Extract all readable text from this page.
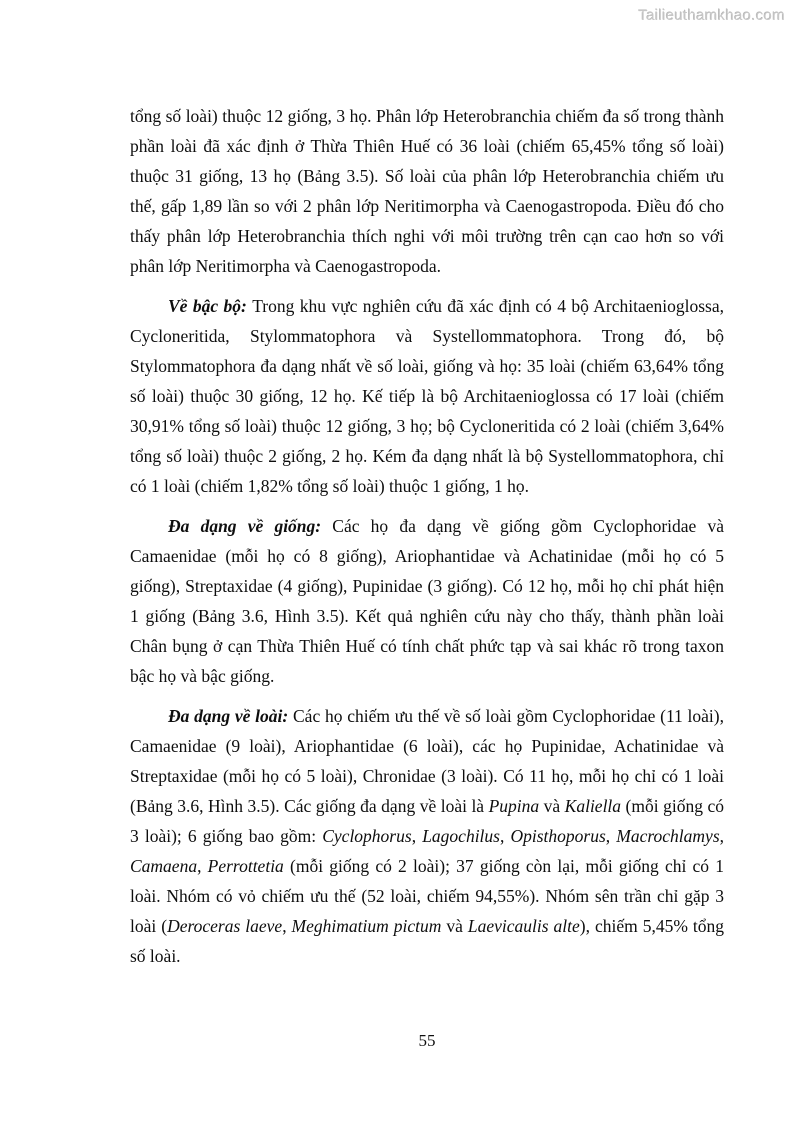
Tailieuthamkhao.com

tổng số loài) thuộc 12 giống, 3 họ. Phân lớp Heterobranchia chiếm đa số trong thành phần loài đã xác định ở Thừa Thiên Huế có 36 loài (chiếm 65,45% tổng số loài) thuộc 31 giống, 13 họ (Bảng 3.5). Số loài của phân lớp Heterobranchia chiếm ưu thế, gấp 1,89 lần so với 2 phân lớp Neritimorpha và Caenogastropoda. Điều đó cho thấy phân lớp Heterobranchia thích nghi với môi trường trên cạn cao hơn so với phân lớp Neritimorpha và Caenogastropoda.

Về bậc bộ: Trong khu vực nghiên cứu đã xác định có 4 bộ Architaenioglossa, Cycloneritida, Stylommatophora và Systellommatophora. Trong đó, bộ Stylommatophora đa dạng nhất về số loài, giống và họ: 35 loài (chiếm 63,64% tổng số loài) thuộc 30 giống, 12 họ. Kế tiếp là bộ Architaenioglossa có 17 loài (chiếm 30,91% tổng số loài) thuộc 12 giống, 3 họ; bộ Cycloneritida có 2 loài (chiếm 3,64% tổng số loài) thuộc 2 giống, 2 họ. Kém đa dạng nhất là bộ Systellommatophora, chỉ có 1 loài (chiếm 1,82% tổng số loài) thuộc 1 giống, 1 họ.

Đa dạng về giống: Các họ đa dạng về giống gồm Cyclophoridae và Camaenidae (mỗi họ có 8 giống), Ariophantidae và Achatinidae (mỗi họ có 5 giống), Streptaxidae (4 giống), Pupinidae (3 giống). Có 12 họ, mỗi họ chỉ phát hiện 1 giống (Bảng 3.6, Hình 3.5). Kết quả nghiên cứu này cho thấy, thành phần loài Chân bụng ở cạn Thừa Thiên Huế có tính chất phức tạp và sai khác rõ trong taxon bậc họ và bậc giống.

Đa dạng về loài: Các họ chiếm ưu thế về số loài gồm Cyclophoridae (11 loài), Camaenidae (9 loài), Ariophantidae (6 loài), các họ Pupinidae, Achatinidae và Streptaxidae (mỗi họ có 5 loài), Chronidae (3 loài). Có 11 họ, mỗi họ chỉ có 1 loài (Bảng 3.6, Hình 3.5). Các giống đa dạng về loài là Pupina và Kaliella (mỗi giống có 3 loài); 6 giống bao gồm: Cyclophorus, Lagochilus, Opisthoporus, Macrochlamys, Camaena, Perrottetia (mỗi giống có 2 loài); 37 giống còn lại, mỗi giống chỉ có 1 loài. Nhóm có vỏ chiếm ưu thế (52 loài, chiếm 94,55%). Nhóm sên trần chỉ gặp 3 loài (Deroceras laeve, Meghimatium pictum và Laevicaulis alte), chiếm 5,45% tổng số loài.

55
